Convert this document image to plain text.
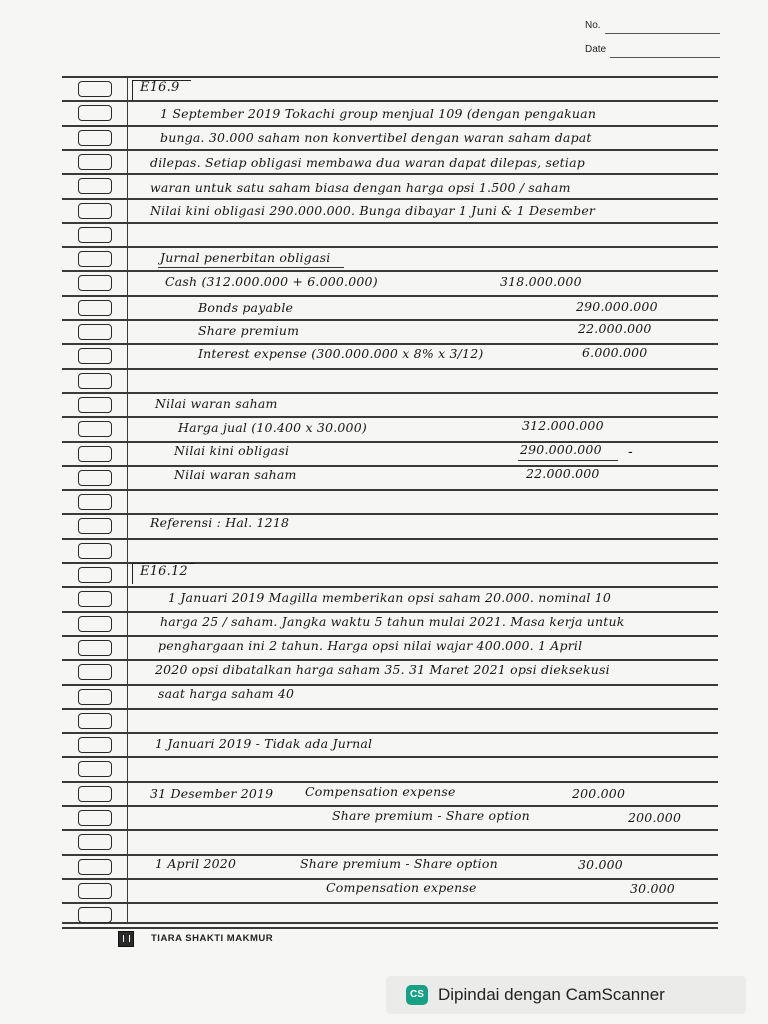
No.
Date
E16.9
1 September 2019 Tokachi group menjual 109 (dengan pengakuan
bunga. 30.000 saham non konvertibel dengan waran saham dapat
dilepas. Setiap obligasi membawa dua waran dapat dilepas, setiap
waran untuk satu saham biasa dengan harga opsi 1.500 / saham
Nilai kini obligasi 290.000.000. Bunga dibayar 1 Juni & 1 Desember
Jurnal penerbitan obligasi
Cash (312.000.000 + 6.000.000)	318.000.000
Bonds payable	290.000.000
Share premium	22.000.000
Interest expense (300.000.000 x 8% x 3/12)	6.000.000
Nilai waran saham
Harga jual (10.400 x 30.000)	312.000.000
Nilai kini obligasi	290.000.000 -
Nilai waran saham	22.000.000
Referensi : Hal. 1218
E16.12
1 Januari 2019 Magilla memberikan opsi saham 20.000. nominal 10
harga 25 / saham. Jangka waktu 5 tahun mulai 2021. Masa kerja untuk
penghargaan ini 2 tahun. Harga opsi nilai wajar 400.000. 1 April
2020 opsi dibatalkan harga saham 35. 31 Maret 2021 opsi dieksekusi
saat harga saham 40
1 Januari 2019 - Tidak ada Jurnal
31 Desember 2019	Compensation expense	200.000
Share premium - Share option	200.000
1 April 2020	Share premium - Share option	30.000
Compensation expense	30.000
TIARA SHAKTI MAKMUR
CS Dipindai dengan CamScanner
